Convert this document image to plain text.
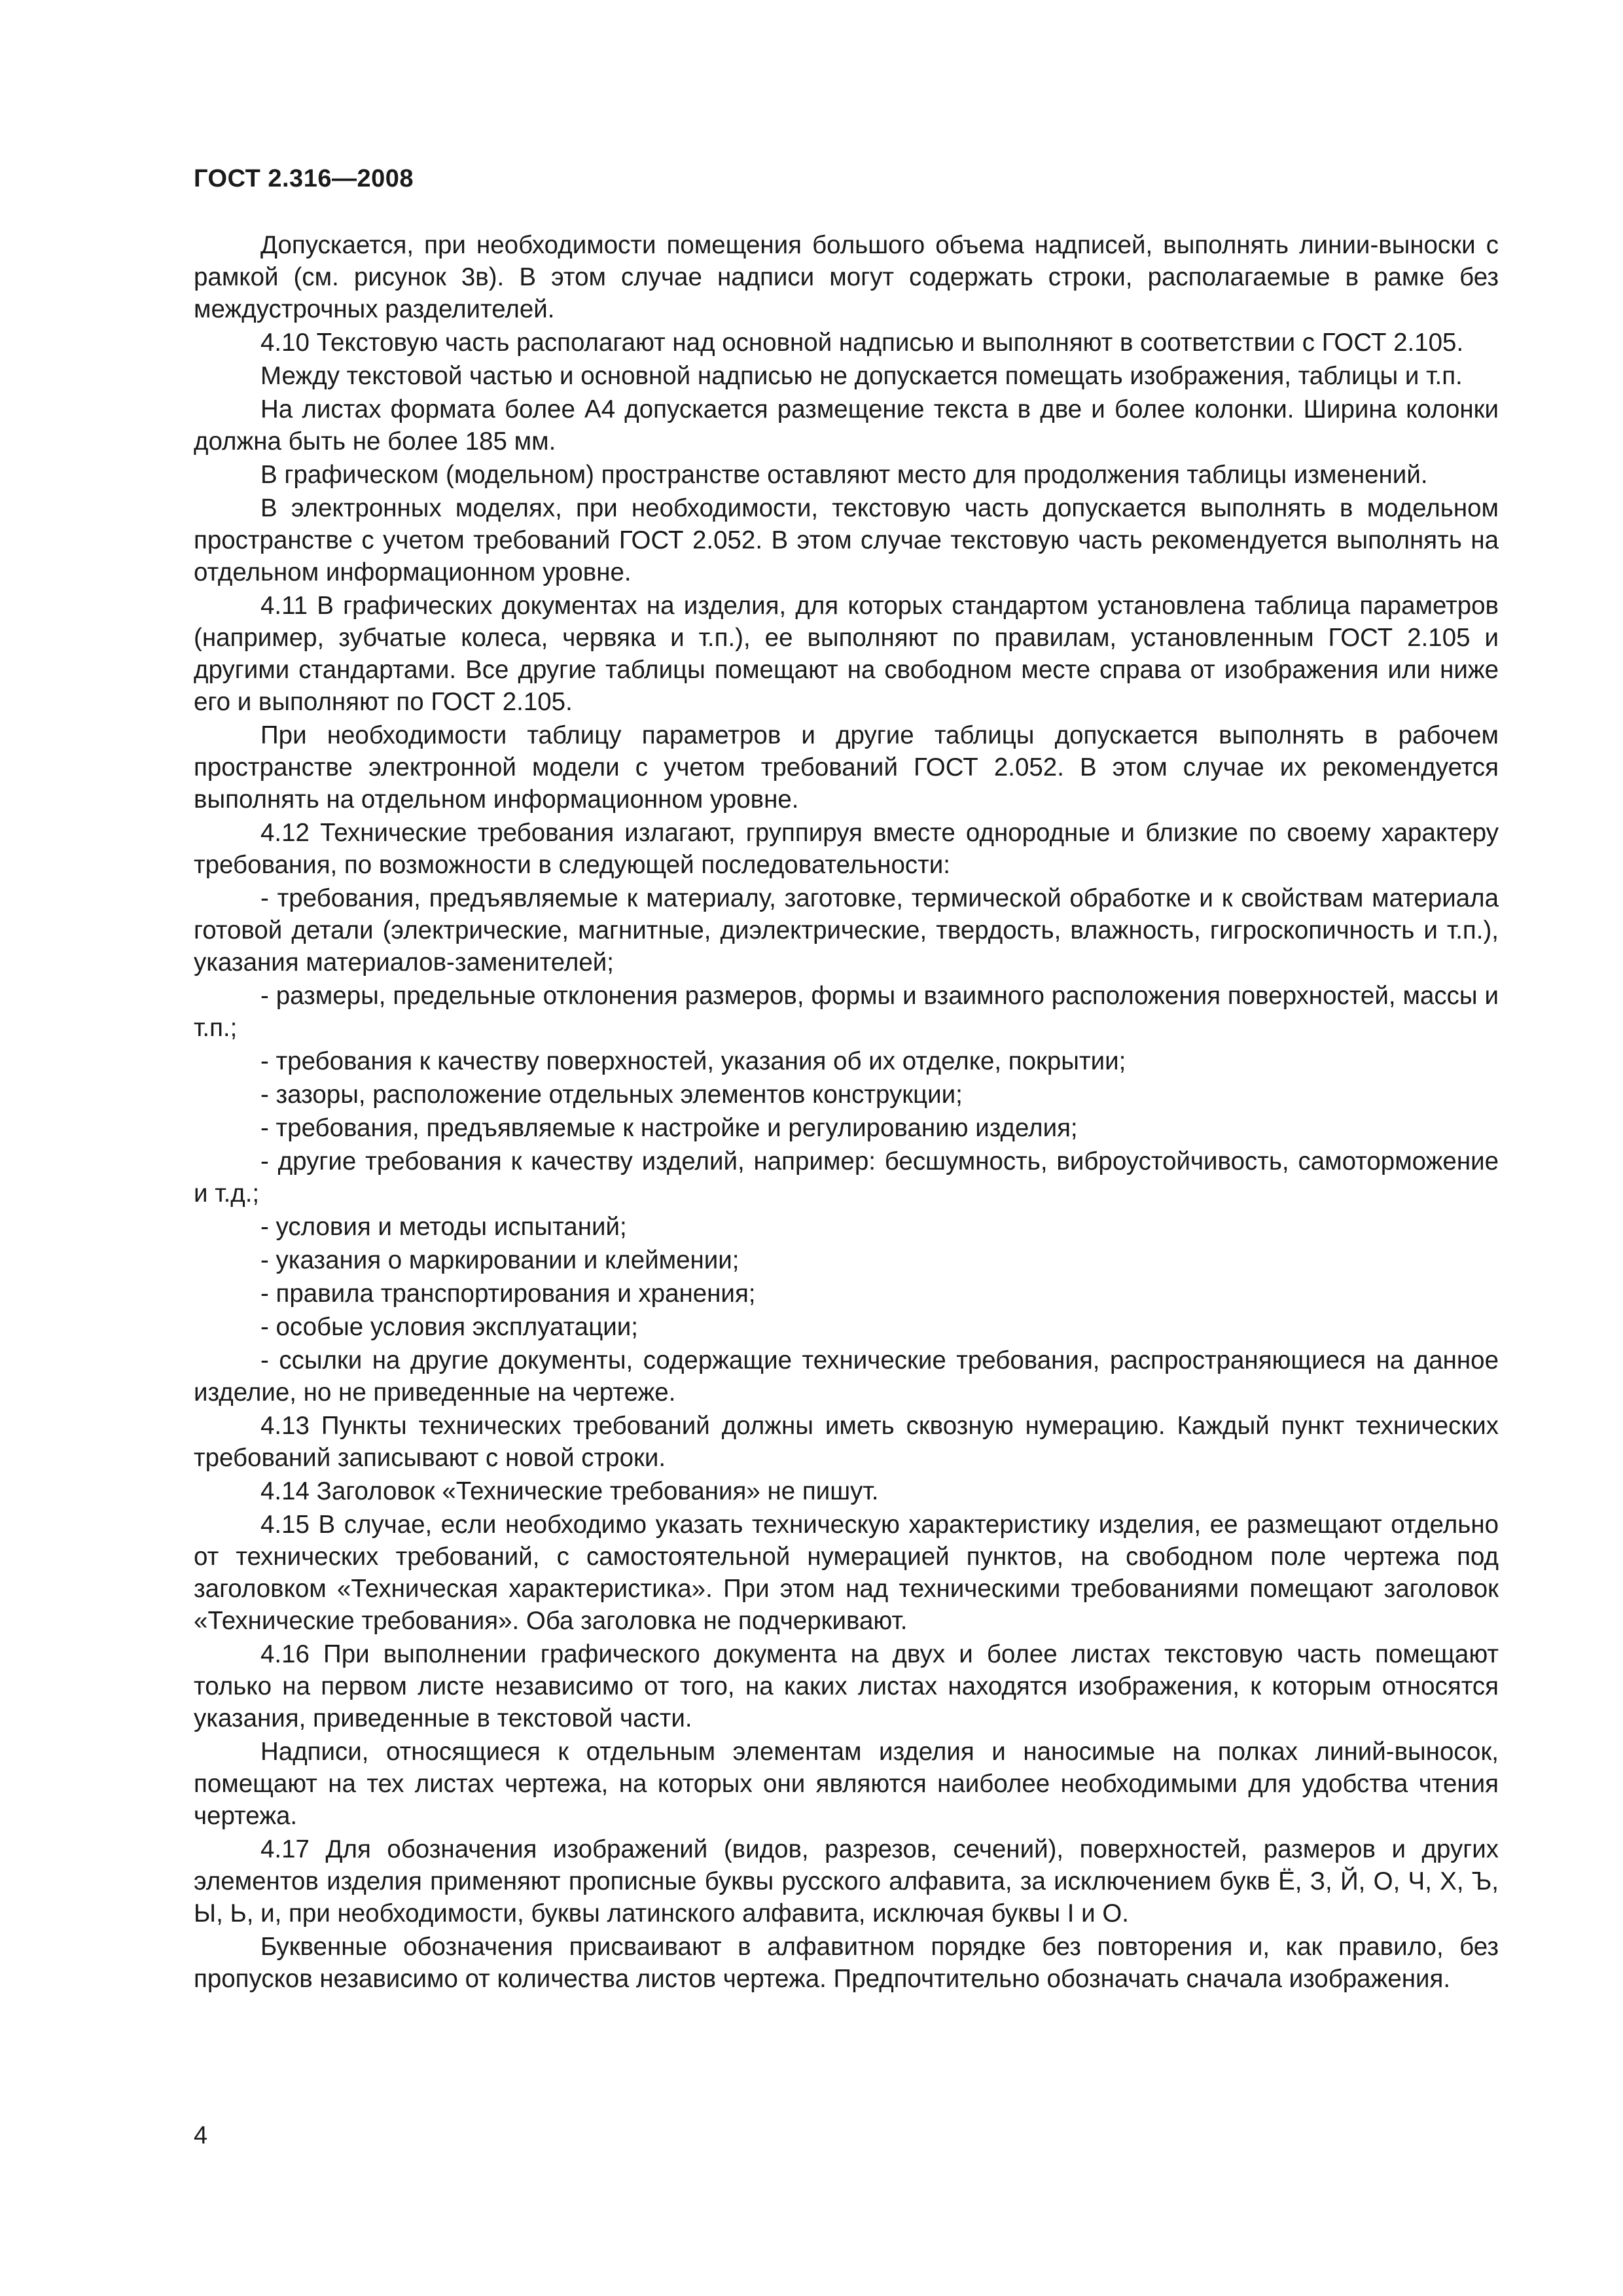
ГОСТ 2.316—2008

Допускается, при необходимости помещения большого объема надписей, выполнять линии-выноски с рамкой (см. рисунок 3в). В этом случае надписи могут содержать строки, располагаемые в рамке без междустрочных разделителей.

4.10 Текстовую часть располагают над основной надписью и выполняют в соответствии с ГОСТ 2.105.

Между текстовой частью и основной надписью не допускается помещать изображения, таблицы и т.п.

На листах формата более А4 допускается размещение текста в две и более колонки. Ширина колонки должна быть не более 185 мм.

В графическом (модельном) пространстве оставляют место для продолжения таблицы изменений.

В электронных моделях, при необходимости, текстовую часть допускается выполнять в модельном пространстве с учетом требований ГОСТ 2.052. В этом случае текстовую часть рекомендуется выполнять на отдельном информационном уровне.

4.11 В графических документах на изделия, для которых стандартом установлена таблица параметров (например, зубчатые колеса, червяка и т.п.), ее выполняют по правилам, установленным ГОСТ 2.105 и другими стандартами. Все другие таблицы помещают на свободном месте справа от изображения или ниже его и выполняют по ГОСТ 2.105.

При необходимости таблицу параметров и другие таблицы допускается выполнять в рабочем пространстве электронной модели с учетом требований ГОСТ 2.052. В этом случае их рекомендуется выполнять на отдельном информационном уровне.

4.12 Технические требования излагают, группируя вместе однородные и близкие по своему характеру требования, по возможности в следующей последовательности:

- требования, предъявляемые к материалу, заготовке, термической обработке и к свойствам материала готовой детали (электрические, магнитные, диэлектрические, твердость, влажность, гигроскопичность и т.п.), указания материалов-заменителей;

- размеры, предельные отклонения размеров, формы и взаимного расположения поверхностей, массы и т.п.;

- требования к качеству поверхностей, указания об их отделке, покрытии;

- зазоры, расположение отдельных элементов конструкции;

- требования, предъявляемые к настройке и регулированию изделия;

- другие требования к качеству изделий, например: бесшумность, виброустойчивость, самоторможение и т.д.;

- условия и методы испытаний;

- указания о маркировании и клеймении;

- правила транспортирования и хранения;

- особые условия эксплуатации;

- ссылки на другие документы, содержащие технические требования, распространяющиеся на данное изделие, но не приведенные на чертеже.

4.13 Пункты технических требований должны иметь сквозную нумерацию. Каждый пункт технических требований записывают с новой строки.

4.14 Заголовок «Технические требования» не пишут.

4.15 В случае, если необходимо указать техническую характеристику изделия, ее размещают отдельно от технических требований, с самостоятельной нумерацией пунктов, на свободном поле чертежа под заголовком «Техническая характеристика». При этом над техническими требованиями помещают заголовок «Технические требования». Оба заголовка не подчеркивают.

4.16 При выполнении графического документа на двух и более листах текстовую часть помещают только на первом листе независимо от того, на каких листах находятся изображения, к которым относятся указания, приведенные в текстовой части.

Надписи, относящиеся к отдельным элементам изделия и наносимые на полках линий-выносок, помещают на тех листах чертежа, на которых они являются наиболее необходимыми для удобства чтения чертежа.

4.17 Для обозначения изображений (видов, разрезов, сечений), поверхностей, размеров и других элементов изделия применяют прописные буквы русского алфавита, за исключением букв Ё, З, Й, О, Ч, Х, Ъ, Ы, Ь, и, при необходимости, буквы латинского алфавита, исключая буквы I и О.

Буквенные обозначения присваивают в алфавитном порядке без повторения и, как правило, без пропусков независимо от количества листов чертежа. Предпочтительно обозначать сначала изображения.

4
